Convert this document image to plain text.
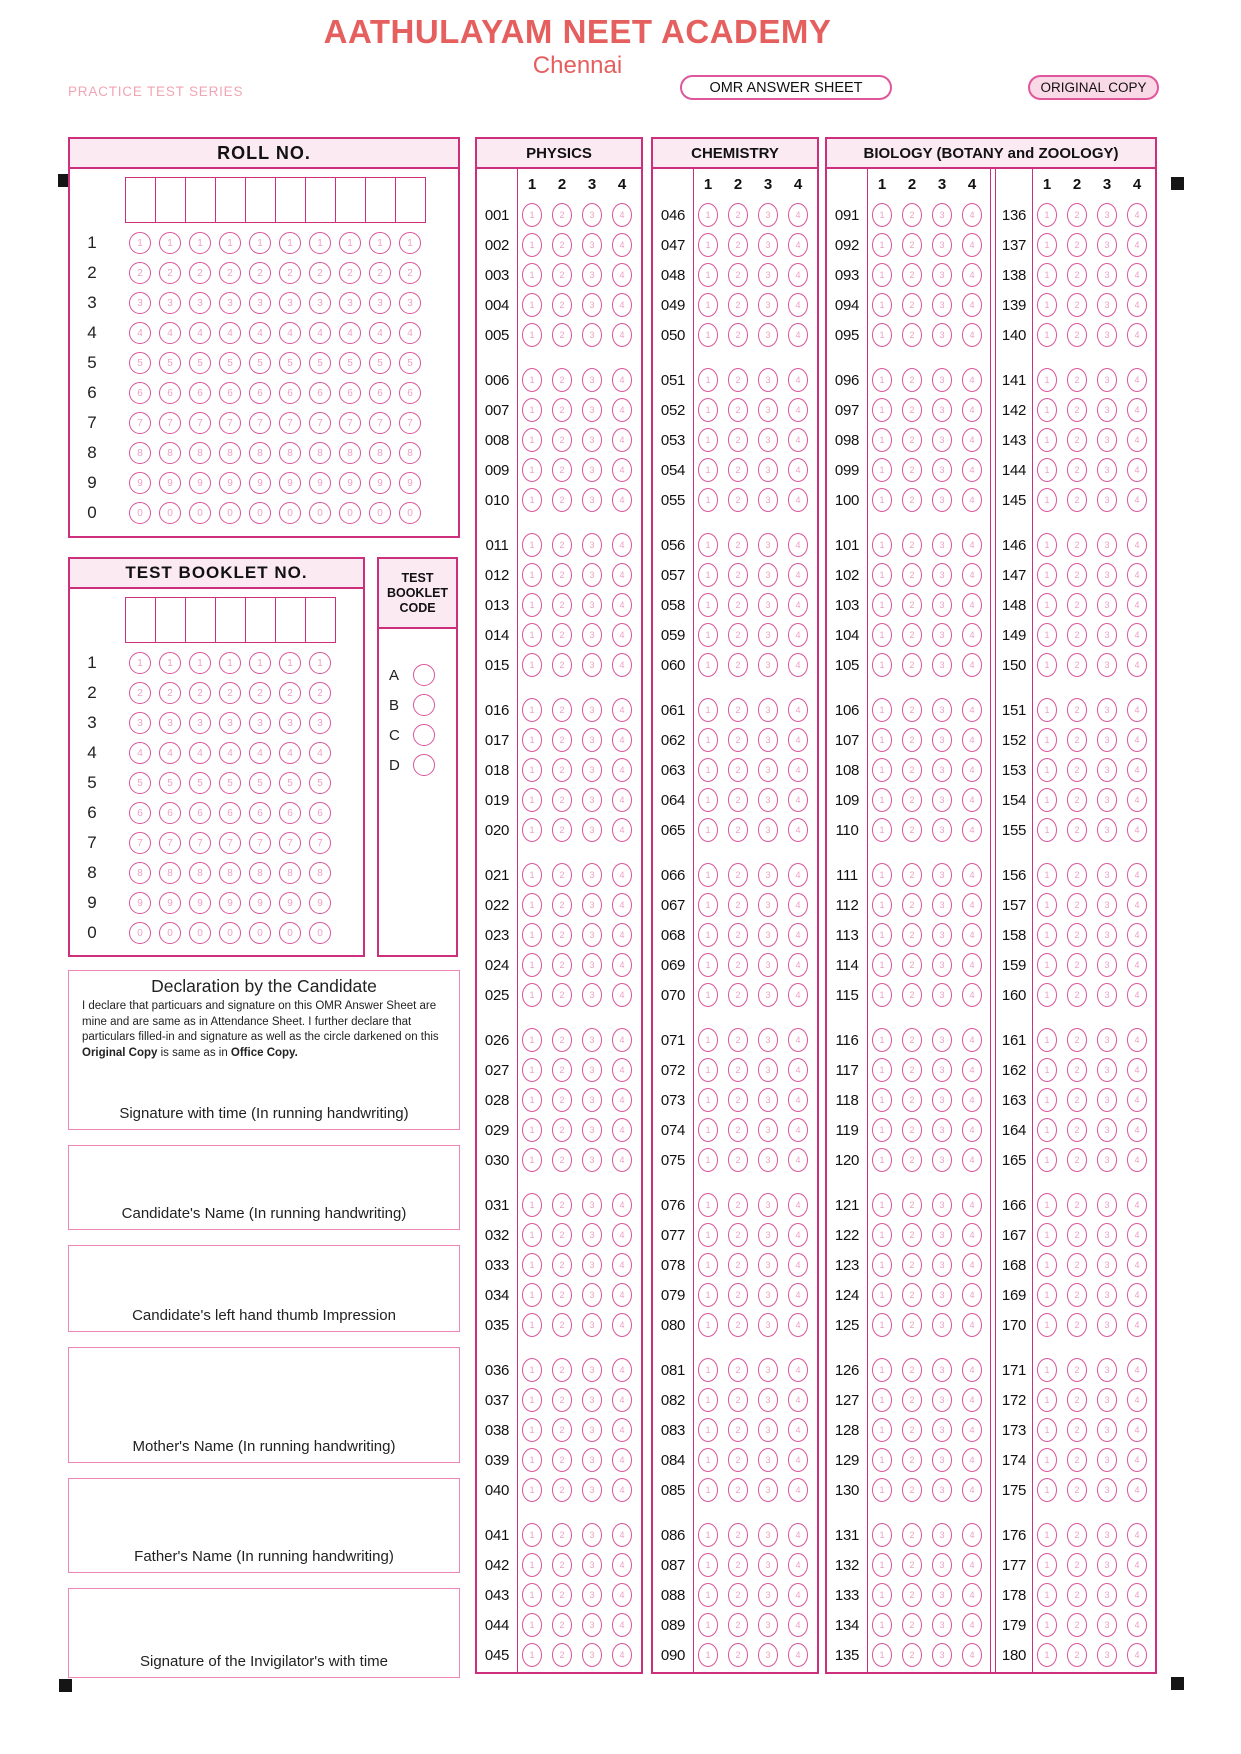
AATHULAYAM NEET ACADEMY
Chennai
PRACTICE TEST SERIES	OMR ANSWER SHEET	ORIGINAL COPY
ROLL NO.
1	1	1	1	1	1	1	1	1	1	1
2	2	2	2	2	2	2	2	2	2	2
3	3	3	3	3	3	3	3	3	3	3
4	4	4	4	4	4	4	4	4	4	4
5	5	5	5	5	5	5	5	5	5	5
6	6	6	6	6	6	6	6	6	6	6
7	7	7	7	7	7	7	7	7	7	7
8	8	8	8	8	8	8	8	8	8	8
9	9	9	9	9	9	9	9	9	9	9
0	0	0	0	0	0	0	0	0	0	0
TEST BOOKLET NO.
1	1	1	1	1	1	1	1
2	2	2	2	2	2	2	2
3	3	3	3	3	3	3	3
4	4	4	4	4	4	4	4
5	5	5	5	5	5	5	5
6	6	6	6	6	6	6	6
7	7	7	7	7	7	7	7
8	8	8	8	8	8	8	8
9	9	9	9	9	9	9	9
0	0	0	0	0	0	0	0
TEST
BOOKLET
CODE
A
B
C
D
Declaration by the Candidate
I declare that particuars and signature on this OMR Answer Sheet are mine and are same as in Attendance Sheet. I further declare that particulars filled-in and signature as well as the circle darkened on this Original Copy is same as in Office Copy.
Signature with time (In running handwriting)
Candidate's Name (In running handwriting)
Candidate's left hand thumb Impression
Mother's Name (In running handwriting)
Father's Name (In running handwriting)
Signature of the Invigilator's with time
PHYSICS
1	2	3	4
001	1	2	3	4
002	1	2	3	4
003	1	2	3	4
004	1	2	3	4
005	1	2	3	4
006	1	2	3	4
007	1	2	3	4
008	1	2	3	4
009	1	2	3	4
010	1	2	3	4
011	1	2	3	4
012	1	2	3	4
013	1	2	3	4
014	1	2	3	4
015	1	2	3	4
016	1	2	3	4
017	1	2	3	4
018	1	2	3	4
019	1	2	3	4
020	1	2	3	4
021	1	2	3	4
022	1	2	3	4
023	1	2	3	4
024	1	2	3	4
025	1	2	3	4
026	1	2	3	4
027	1	2	3	4
028	1	2	3	4
029	1	2	3	4
030	1	2	3	4
031	1	2	3	4
032	1	2	3	4
033	1	2	3	4
034	1	2	3	4
035	1	2	3	4
036	1	2	3	4
037	1	2	3	4
038	1	2	3	4
039	1	2	3	4
040	1	2	3	4
041	1	2	3	4
042	1	2	3	4
043	1	2	3	4
044	1	2	3	4
045	1	2	3	4
CHEMISTRY
1	2	3	4
046	1	2	3	4
047	1	2	3	4
048	1	2	3	4
049	1	2	3	4
050	1	2	3	4
051	1	2	3	4
052	1	2	3	4
053	1	2	3	4
054	1	2	3	4
055	1	2	3	4
056	1	2	3	4
057	1	2	3	4
058	1	2	3	4
059	1	2	3	4
060	1	2	3	4
061	1	2	3	4
062	1	2	3	4
063	1	2	3	4
064	1	2	3	4
065	1	2	3	4
066	1	2	3	4
067	1	2	3	4
068	1	2	3	4
069	1	2	3	4
070	1	2	3	4
071	1	2	3	4
072	1	2	3	4
073	1	2	3	4
074	1	2	3	4
075	1	2	3	4
076	1	2	3	4
077	1	2	3	4
078	1	2	3	4
079	1	2	3	4
080	1	2	3	4
081	1	2	3	4
082	1	2	3	4
083	1	2	3	4
084	1	2	3	4
085	1	2	3	4
086	1	2	3	4
087	1	2	3	4
088	1	2	3	4
089	1	2	3	4
090	1	2	3	4
BIOLOGY (BOTANY and ZOOLOGY)
1	2	3	4
091	1	2	3	4
092	1	2	3	4
093	1	2	3	4
094	1	2	3	4
095	1	2	3	4
096	1	2	3	4
097	1	2	3	4
098	1	2	3	4
099	1	2	3	4
100	1	2	3	4
101	1	2	3	4
102	1	2	3	4
103	1	2	3	4
104	1	2	3	4
105	1	2	3	4
106	1	2	3	4
107	1	2	3	4
108	1	2	3	4
109	1	2	3	4
110	1	2	3	4
111	1	2	3	4
112	1	2	3	4
113	1	2	3	4
114	1	2	3	4
115	1	2	3	4
116	1	2	3	4
117	1	2	3	4
118	1	2	3	4
119	1	2	3	4
120	1	2	3	4
121	1	2	3	4
122	1	2	3	4
123	1	2	3	4
124	1	2	3	4
125	1	2	3	4
126	1	2	3	4
127	1	2	3	4
128	1	2	3	4
129	1	2	3	4
130	1	2	3	4
131	1	2	3	4
132	1	2	3	4
133	1	2	3	4
134	1	2	3	4
135	1	2	3	4
1	2	3	4
136	1	2	3	4
137	1	2	3	4
138	1	2	3	4
139	1	2	3	4
140	1	2	3	4
141	1	2	3	4
142	1	2	3	4
143	1	2	3	4
144	1	2	3	4
145	1	2	3	4
146	1	2	3	4
147	1	2	3	4
148	1	2	3	4
149	1	2	3	4
150	1	2	3	4
151	1	2	3	4
152	1	2	3	4
153	1	2	3	4
154	1	2	3	4
155	1	2	3	4
156	1	2	3	4
157	1	2	3	4
158	1	2	3	4
159	1	2	3	4
160	1	2	3	4
161	1	2	3	4
162	1	2	3	4
163	1	2	3	4
164	1	2	3	4
165	1	2	3	4
166	1	2	3	4
167	1	2	3	4
168	1	2	3	4
169	1	2	3	4
170	1	2	3	4
171	1	2	3	4
172	1	2	3	4
173	1	2	3	4
174	1	2	3	4
175	1	2	3	4
176	1	2	3	4
177	1	2	3	4
178	1	2	3	4
179	1	2	3	4
180	1	2	3	4
